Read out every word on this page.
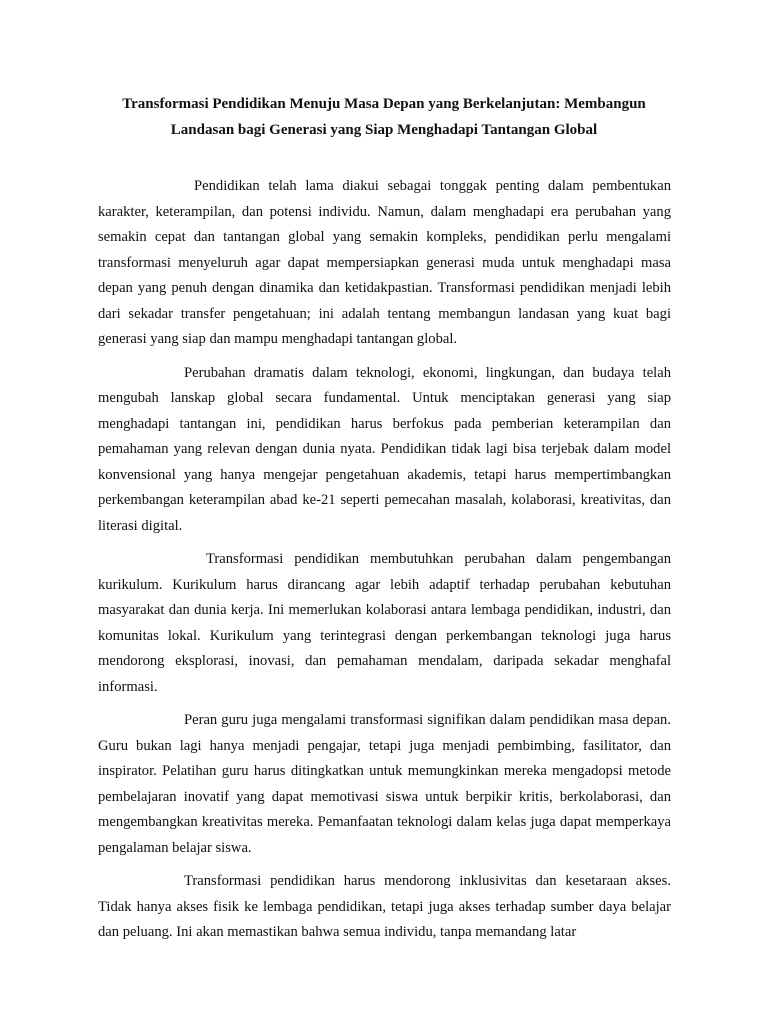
Transformasi Pendidikan Menuju Masa Depan yang Berkelanjutan: Membangun
Landasan bagi Generasi yang Siap Menghadapi Tantangan Global

Pendidikan telah lama diakui sebagai tonggak penting dalam pembentukan karakter, keterampilan, dan potensi individu. Namun, dalam menghadapi era perubahan yang semakin cepat dan tantangan global yang semakin kompleks, pendidikan perlu mengalami transformasi menyeluruh agar dapat mempersiapkan generasi muda untuk menghadapi masa depan yang penuh dengan dinamika dan ketidakpastian. Transformasi pendidikan menjadi lebih dari sekadar transfer pengetahuan; ini adalah tentang membangun landasan yang kuat bagi generasi yang siap dan mampu menghadapi tantangan global.

Perubahan dramatis dalam teknologi, ekonomi, lingkungan, dan budaya telah mengubah lanskap global secara fundamental. Untuk menciptakan generasi yang siap menghadapi tantangan ini, pendidikan harus berfokus pada pemberian keterampilan dan pemahaman yang relevan dengan dunia nyata. Pendidikan tidak lagi bisa terjebak dalam model konvensional yang hanya mengejar pengetahuan akademis, tetapi harus mempertimbangkan perkembangan keterampilan abad ke-21 seperti pemecahan masalah, kolaborasi, kreativitas, dan literasi digital.

Transformasi pendidikan membutuhkan perubahan dalam pengembangan kurikulum. Kurikulum harus dirancang agar lebih adaptif terhadap perubahan kebutuhan masyarakat dan dunia kerja. Ini memerlukan kolaborasi antara lembaga pendidikan, industri, dan komunitas lokal. Kurikulum yang terintegrasi dengan perkembangan teknologi juga harus mendorong eksplorasi, inovasi, dan pemahaman mendalam, daripada sekadar menghafal informasi.

Peran guru juga mengalami transformasi signifikan dalam pendidikan masa depan. Guru bukan lagi hanya menjadi pengajar, tetapi juga menjadi pembimbing, fasilitator, dan inspirator. Pelatihan guru harus ditingkatkan untuk memungkinkan mereka mengadopsi metode pembelajaran inovatif yang dapat memotivasi siswa untuk berpikir kritis, berkolaborasi, dan mengembangkan kreativitas mereka. Pemanfaatan teknologi dalam kelas juga dapat memperkaya pengalaman belajar siswa.

Transformasi pendidikan harus mendorong inklusivitas dan kesetaraan akses. Tidak hanya akses fisik ke lembaga pendidikan, tetapi juga akses terhadap sumber daya belajar dan peluang. Ini akan memastikan bahwa semua individu, tanpa memandang latar
